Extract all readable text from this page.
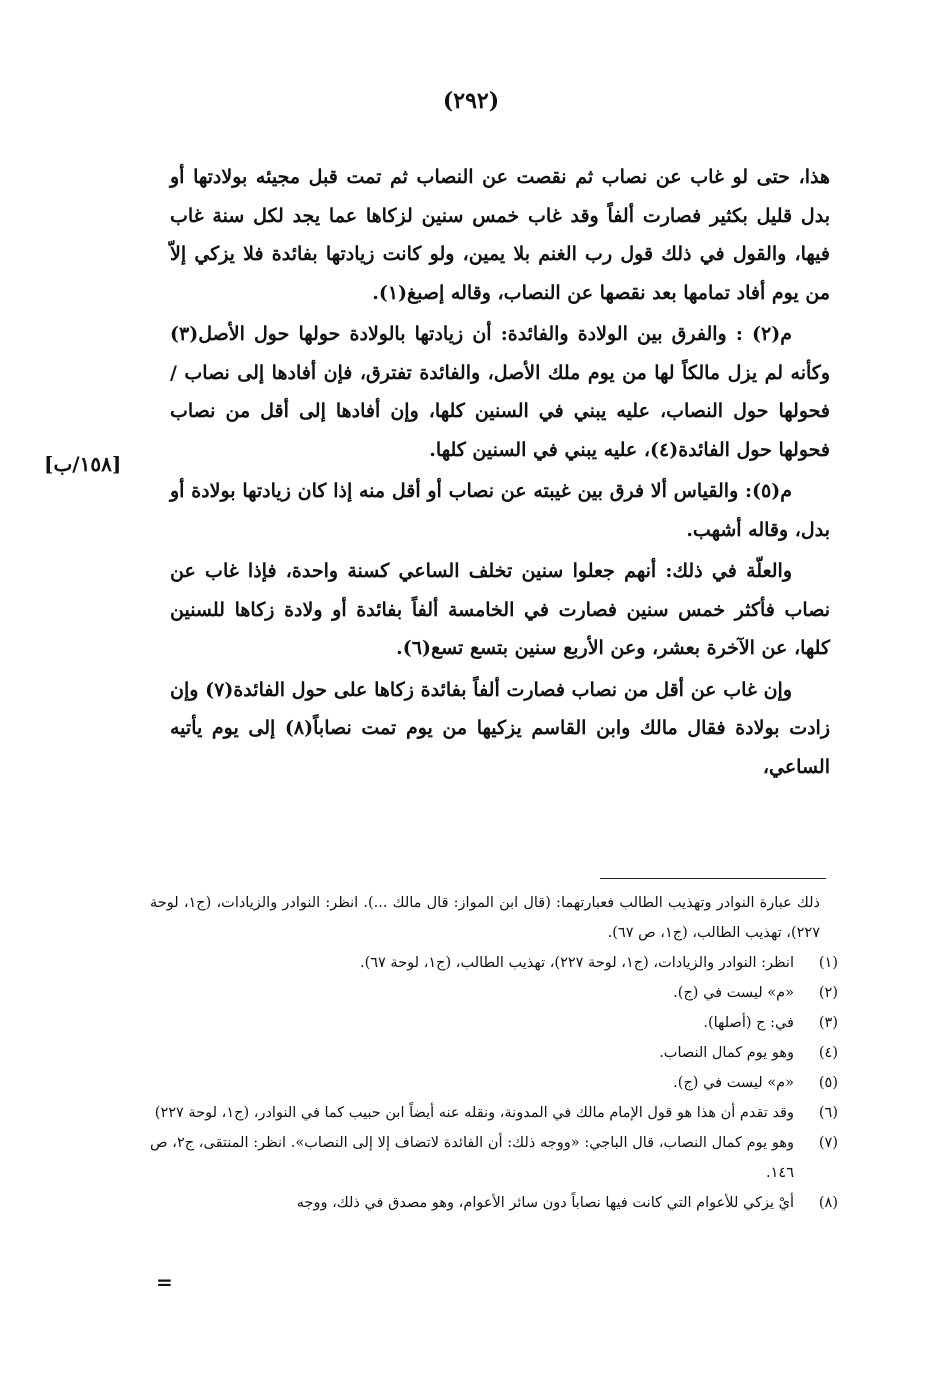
(٢٩٢)
[١٥٨/ب]

هذا، حتى لو غاب عن نصاب ثم نقصت عن النصاب ثم تمت قبل مجيئه بولادتها أو بدل قليل بكثير فصارت ألفاً وقد غاب خمس سنين لزكاها عما يجد لكل سنة غاب فيها، والقول في ذلك قول رب الغنم بلا يمين، ولو كانت زيادتها بفائدة فلا يزكي إلاّ من يوم أفاد تمامها بعد نقصها عن النصاب، وقاله إصبغ(١).

م(٢) : والفرق بين الولادة والفائدة: أن زيادتها بالولادة حولها حول الأصل(٣) وكأنه لم يزل مالكاً لها من يوم ملك الأصل، والفائدة تفترق، فإن أفادها إلى نصاب / فحولها حول النصاب، عليه يبني في السنين كلها، وإن أفادها إلى أقل من نصاب فحولها حول الفائدة(٤)، عليه يبني في السنين كلها.

م(٥): والقياس ألا فرق بين غيبته عن نصاب أو أقل منه إذا كان زيادتها بولادة أو بدل، وقاله أشهب.

والعلّة في ذلك: أنهم جعلوا سنين تخلف الساعي كسنة واحدة، فإذا غاب عن نصاب فأكثر خمس سنين فصارت في الخامسة ألفاً بفائدة أو ولادة زكاها للسنين كلها، عن الآخرة بعشر، وعن الأربع سنين بتسع تسع(٦).

وإن غاب عن أقل من نصاب فصارت ألفاً بفائدة زكاها على حول الفائدة(٧) وإن زادت بولادة فقال مالك وابن القاسم يزكيها من يوم تمت نصاباً(٨) إلى يوم يأتيه الساعي،

ذلك عبارة النوادر وتهذيب الطالب فعبارتهما: (قال ابن المواز: قال مالك ...). انظر: النوادر والزيادات، (ج١، لوحة ٢٢٧)، تهذيب الطالب، (ج١، ص ٦٧).

(١)
انظر: النوادر والزيادات، (ج١، لوحة ٢٢٧)، تهذيب الطالب، (ج١، لوحة ٦٧).
(٢)
«م» ليست في (ج).
(٣)
في: ج (أصلها).
(٤)
وهو يوم كمال النصاب.
(٥)
«م» ليست في (ج).
(٦)
وقد تقدم أن هذا هو قول الإمام مالك في المدونة، ونقله عنه أيضاً ابن حبيب كما في النوادر، (ج١، لوحة ٢٢٧)
(٧)
وهو يوم كمال النصاب، قال الباجي: «ووجه ذلك: أن الفائدة لاتضاف إلا إلى النصاب». انظر: المنتقى، ج٢، ص ١٤٦.
(٨)
أيْ يزكي للأعوام التي كانت فيها نصاباً دون سائر الأعوام، وهو مصدق في ذلك، ووجه
=
